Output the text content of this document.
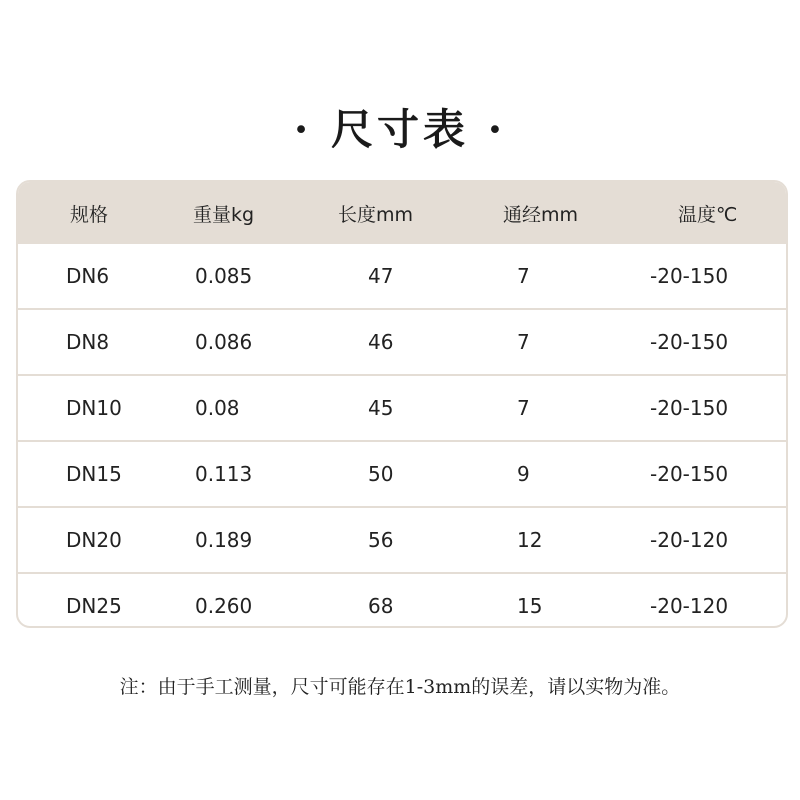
· 尺寸表 ·
规格	重量kg	长度mm	通经mm	温度℃
DN6	0.085	47	7	-20-150
DN8	0.086	46	7	-20-150
DN10	0.08	45	7	-20-150
DN15	0.113	50	9	-20-150
DN20	0.189	56	12	-20-120
DN25	0.260	68	15	-20-120
注：由于手工测量，尺寸可能存在1-3mm的误差，请以实物为准。
